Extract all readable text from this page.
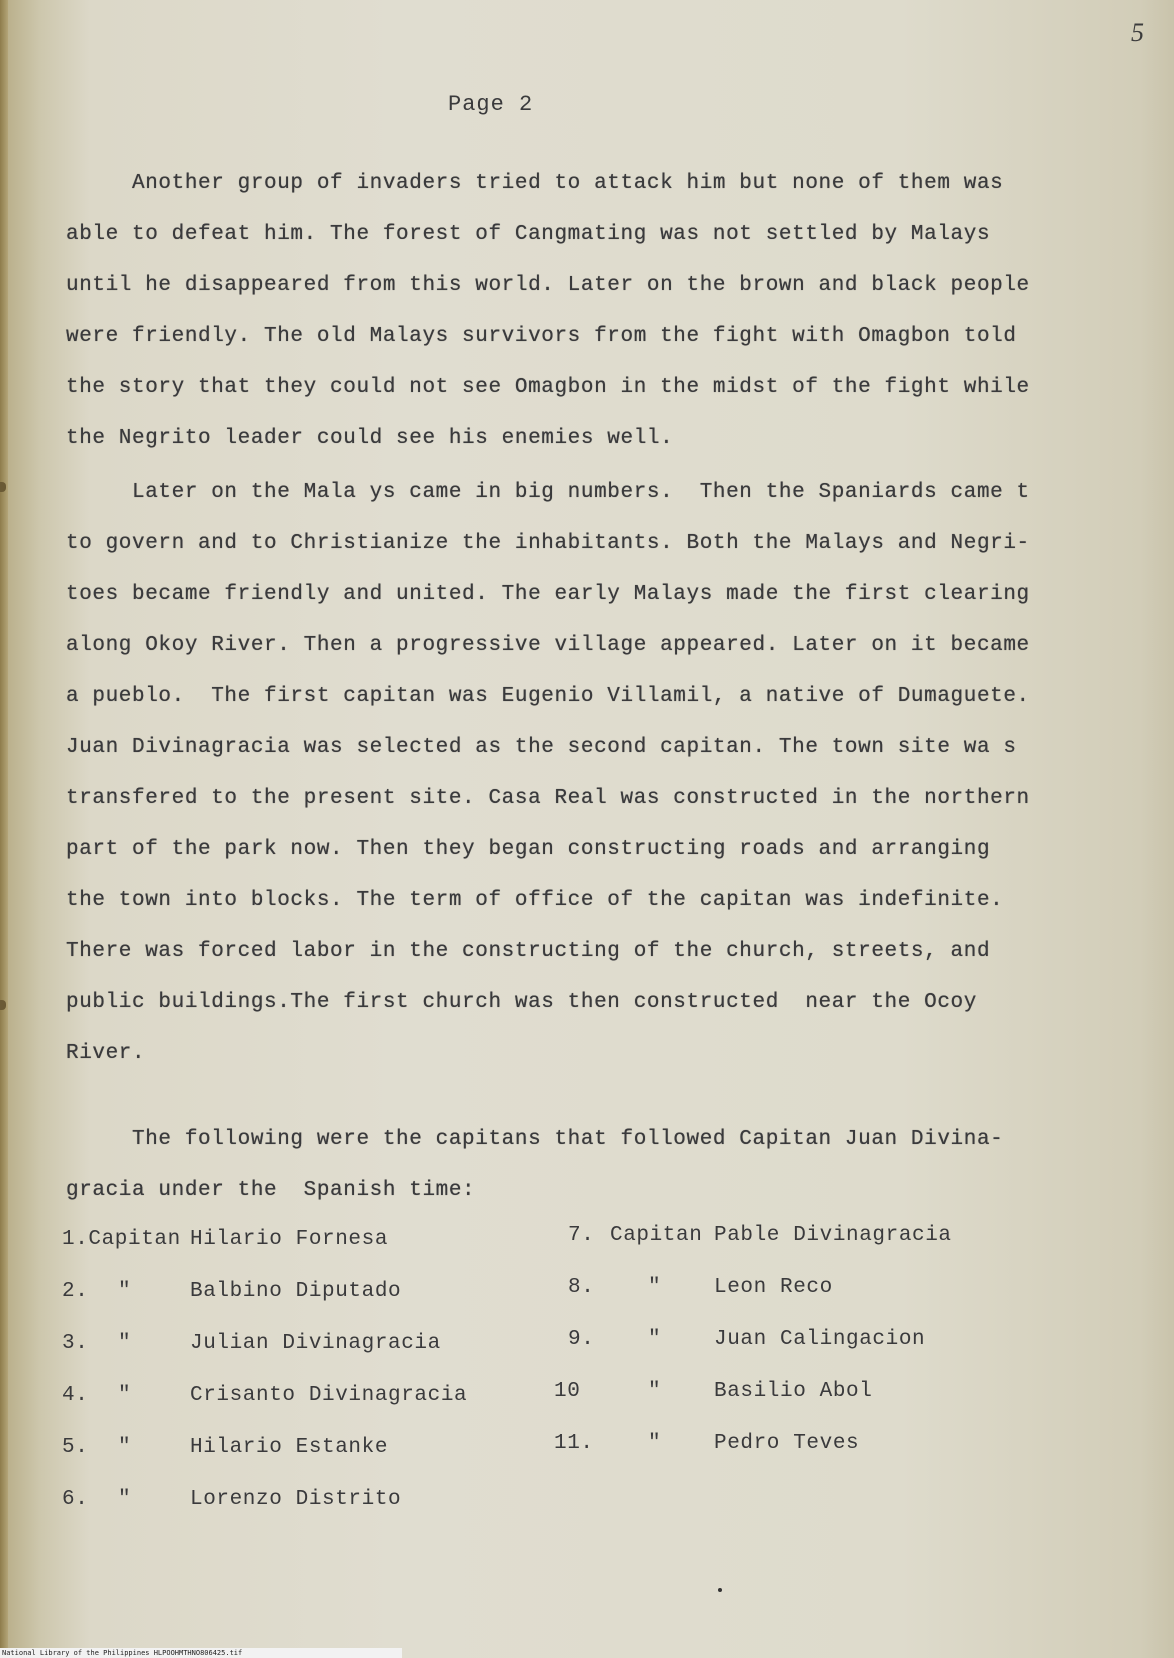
5
Page 2
Another group of invaders tried to attack him but none of them was
able to defeat him. The forest of Cangmating was not settled by Malays
until he disappeared from this world. Later on the brown and black people
were friendly. The old Malays survivors from the fight with Omagbon told
the story that they could not see Omagbon in the midst of the fight while
the Negrito leader could see his enemies well.
Later on the Mala ys came in big numbers.  Then the Spaniards came t
to govern and to Christianize the inhabitants. Both the Malays and Negri-
toes became friendly and united. The early Malays made the first clearing
along Okoy River. Then a progressive village appeared. Later on it became
a pueblo.  The first capitan was Eugenio Villamil, a native of Dumaguete.
Juan Divinagracia was selected as the second capitan. The town site wa s
transfered to the present site. Casa Real was constructed in the northern
part of the park now. Then they began constructing roads and arranging
the town into blocks. The term of office of the capitan was indefinite.
There was forced labor in the constructing of the church, streets, and
public buildings.The first church was then constructed  near the Ocoy
River.
The following were the capitans that followed Capitan Juan Divina-
gracia under the  Spanish time:
1.Capitan Hilario Fornesa
2. "	Balbino Diputado
3. "	Julian Divinagracia
4. "	Crisanto Divinagracia
5. "	Hilario Estanke
6. "	Lorenzo Distrito
7. Capitan Pable Divinagracia
8.	"	Leon Reco
9.	"	Juan Calingacion
10	"	Basilio Abol
11.	"	Pedro Teves
National Library of the Philippines HLPOOHMTHNO806425.tif
